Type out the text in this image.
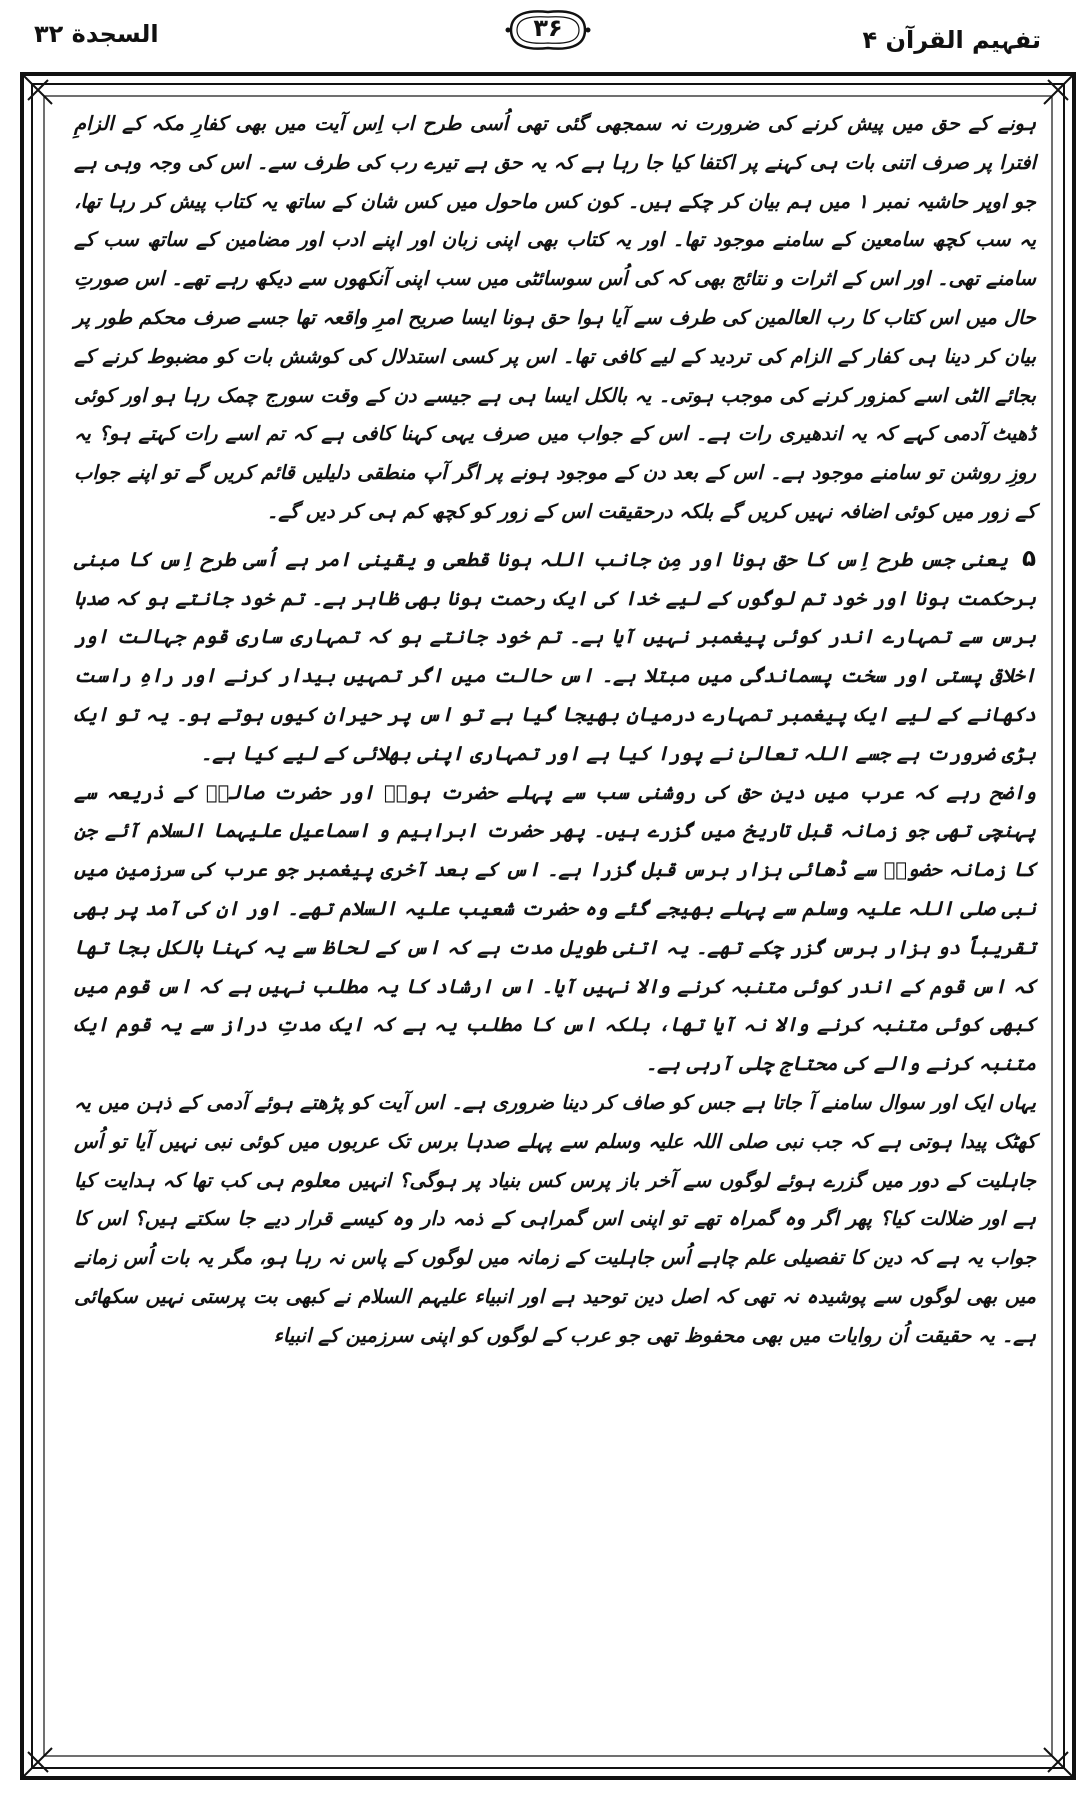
السجدة ۳۲	۳۶	تفہیم القرآن ۴

ہونے کے حق میں پیش کرنے کی ضرورت نہ سمجھی گئی تھی اُسی طرح اب اِس آیت میں بھی کفارِ مکہ کے الزامِ افترا پر صرف اتنی بات ہی کہنے پر اکتفا کیا جا رہا ہے کہ یہ حق ہے تیرے رب کی طرف سے۔ اس کی وجہ وہی ہے جو اوپر حاشیہ نمبر ۱ میں ہم بیان کر چکے ہیں۔ کون کس ماحول میں کس شان کے ساتھ یہ کتاب پیش کر رہا تھا، یہ سب کچھ سامعین کے سامنے موجود تھا۔ اور یہ کتاب بھی اپنی زبان اور اپنے ادب اور مضامین کے ساتھ سب کے سامنے تھی۔ اور اس کے اثرات و نتائج بھی کہ کی اُس سوسائٹی میں سب اپنی آنکھوں سے دیکھ رہے تھے۔ اس صورتِ حال میں اس کتاب کا رب العالمین کی طرف سے آیا ہوا حق ہونا ایسا صریح امرِ واقعہ تھا جسے صرف محکم طور پر بیان کر دینا ہی کفار کے الزام کی تردید کے لیے کافی تھا۔ اس پر کسی استدلال کی کوشش بات کو مضبوط کرنے کے بجائے الٹی اسے کمزور کرنے کی موجب ہوتی۔ یہ بالکل ایسا ہی ہے جیسے دن کے وقت سورج چمک رہا ہو اور کوئی ڈھیٹ آدمی کہے کہ یہ اندھیری رات ہے۔ اس کے جواب میں صرف یہی کہنا کافی ہے کہ تم اسے رات کہتے ہو؟ یہ روزِ روشن تو سامنے موجود ہے۔ اس کے بعد دن کے موجود ہونے پر اگر آپ منطقی دلیلیں قائم کریں گے تو اپنے جواب کے زور میں کوئی اضافہ نہیں کریں گے بلکہ درحقیقت اس کے زور کو کچھ کم ہی کر دیں گے۔

۵ یعنی جس طرح اِس کا حق ہونا اور مِن جانب اللہ ہونا قطعی و یقینی امر ہے اُسی طرح اِس کا مبنی برحکمت ہونا اور خود تم لوگوں کے لیے خدا کی ایک رحمت ہونا بھی ظاہر ہے۔ تم خود جانتے ہو کہ صدہا برس سے تمہارے اندر کوئی پیغمبر نہیں آیا ہے۔ تم خود جانتے ہو کہ تمہاری ساری قوم جہالت اور اخلاقی پستی اور سخت پسماندگی میں مبتلا ہے۔ اس حالت میں اگر تمہیں بیدار کرنے اور راہِ راست دکھانے کے لیے ایک پیغمبر تمہارے درمیان بھیجا گیا ہے تو اس پر حیران کیوں ہوتے ہو۔ یہ تو ایک بڑی ضرورت ہے جسے اللہ تعالیٰ نے پورا کیا ہے اور تمہاری اپنی بھلائی کے لیے کیا ہے۔

واضح رہے کہ عرب میں دینِ حق کی روشنی سب سے پہلے حضرت ہودؑ اور حضرت صالحؑ کے ذریعہ سے پہنچی تھی جو زمانہ قبل تاریخ میں گزرے ہیں۔ پھر حضرت ابراہیم و اسماعیل علیہما السلام آئے جن کا زمانہ حضورؐ سے ڈھائی ہزار برس قبل گزرا ہے۔ اس کے بعد آخری پیغمبر جو عرب کی سرزمین میں نبی صلی اللہ علیہ وسلم سے پہلے بھیجے گئے وہ حضرت شعیب علیہ السلام تھے۔ اور ان کی آمد پر بھی تقریباً دو ہزار برس گزر چکے تھے۔ یہ اتنی طویل مدت ہے کہ اس کے لحاظ سے یہ کہنا بالکل بجا تھا کہ اس قوم کے اندر کوئی متنبہ کرنے والا نہیں آیا۔ اس ارشاد کا یہ مطلب نہیں ہے کہ اس قوم میں کبھی کوئی متنبہ کرنے والا نہ آیا تھا، بلکہ اس کا مطلب یہ ہے کہ ایک مدتِ دراز سے یہ قوم ایک متنبہ کرنے والے کی محتاج چلی آرہی ہے۔

یہاں ایک اور سوال سامنے آ جاتا ہے جس کو صاف کر دینا ضروری ہے۔ اس آیت کو پڑھتے ہوئے آدمی کے ذہن میں یہ کھٹک پیدا ہوتی ہے کہ جب نبی صلی اللہ علیہ وسلم سے پہلے صدہا برس تک عربوں میں کوئی نبی نہیں آیا تو اُس جاہلیت کے دور میں گزرے ہوئے لوگوں سے آخر باز پرس کس بنیاد پر ہوگی؟ انہیں معلوم ہی کب تھا کہ ہدایت کیا ہے اور ضلالت کیا؟ پھر اگر وہ گمراہ تھے تو اپنی اس گمراہی کے ذمہ دار وہ کیسے قرار دیے جا سکتے ہیں؟ اس کا جواب یہ ہے کہ دین کا تفصیلی علم چاہے اُس جاہلیت کے زمانہ میں لوگوں کے پاس نہ رہا ہو، مگر یہ بات اُس زمانے میں بھی لوگوں سے پوشیدہ نہ تھی کہ اصل دین توحید ہے اور انبیاء علیہم السلام نے کبھی بت پرستی نہیں سکھائی ہے۔ یہ حقیقت اُن روایات میں بھی محفوظ تھی جو عرب کے لوگوں کو اپنی سرزمین کے انبیاء
